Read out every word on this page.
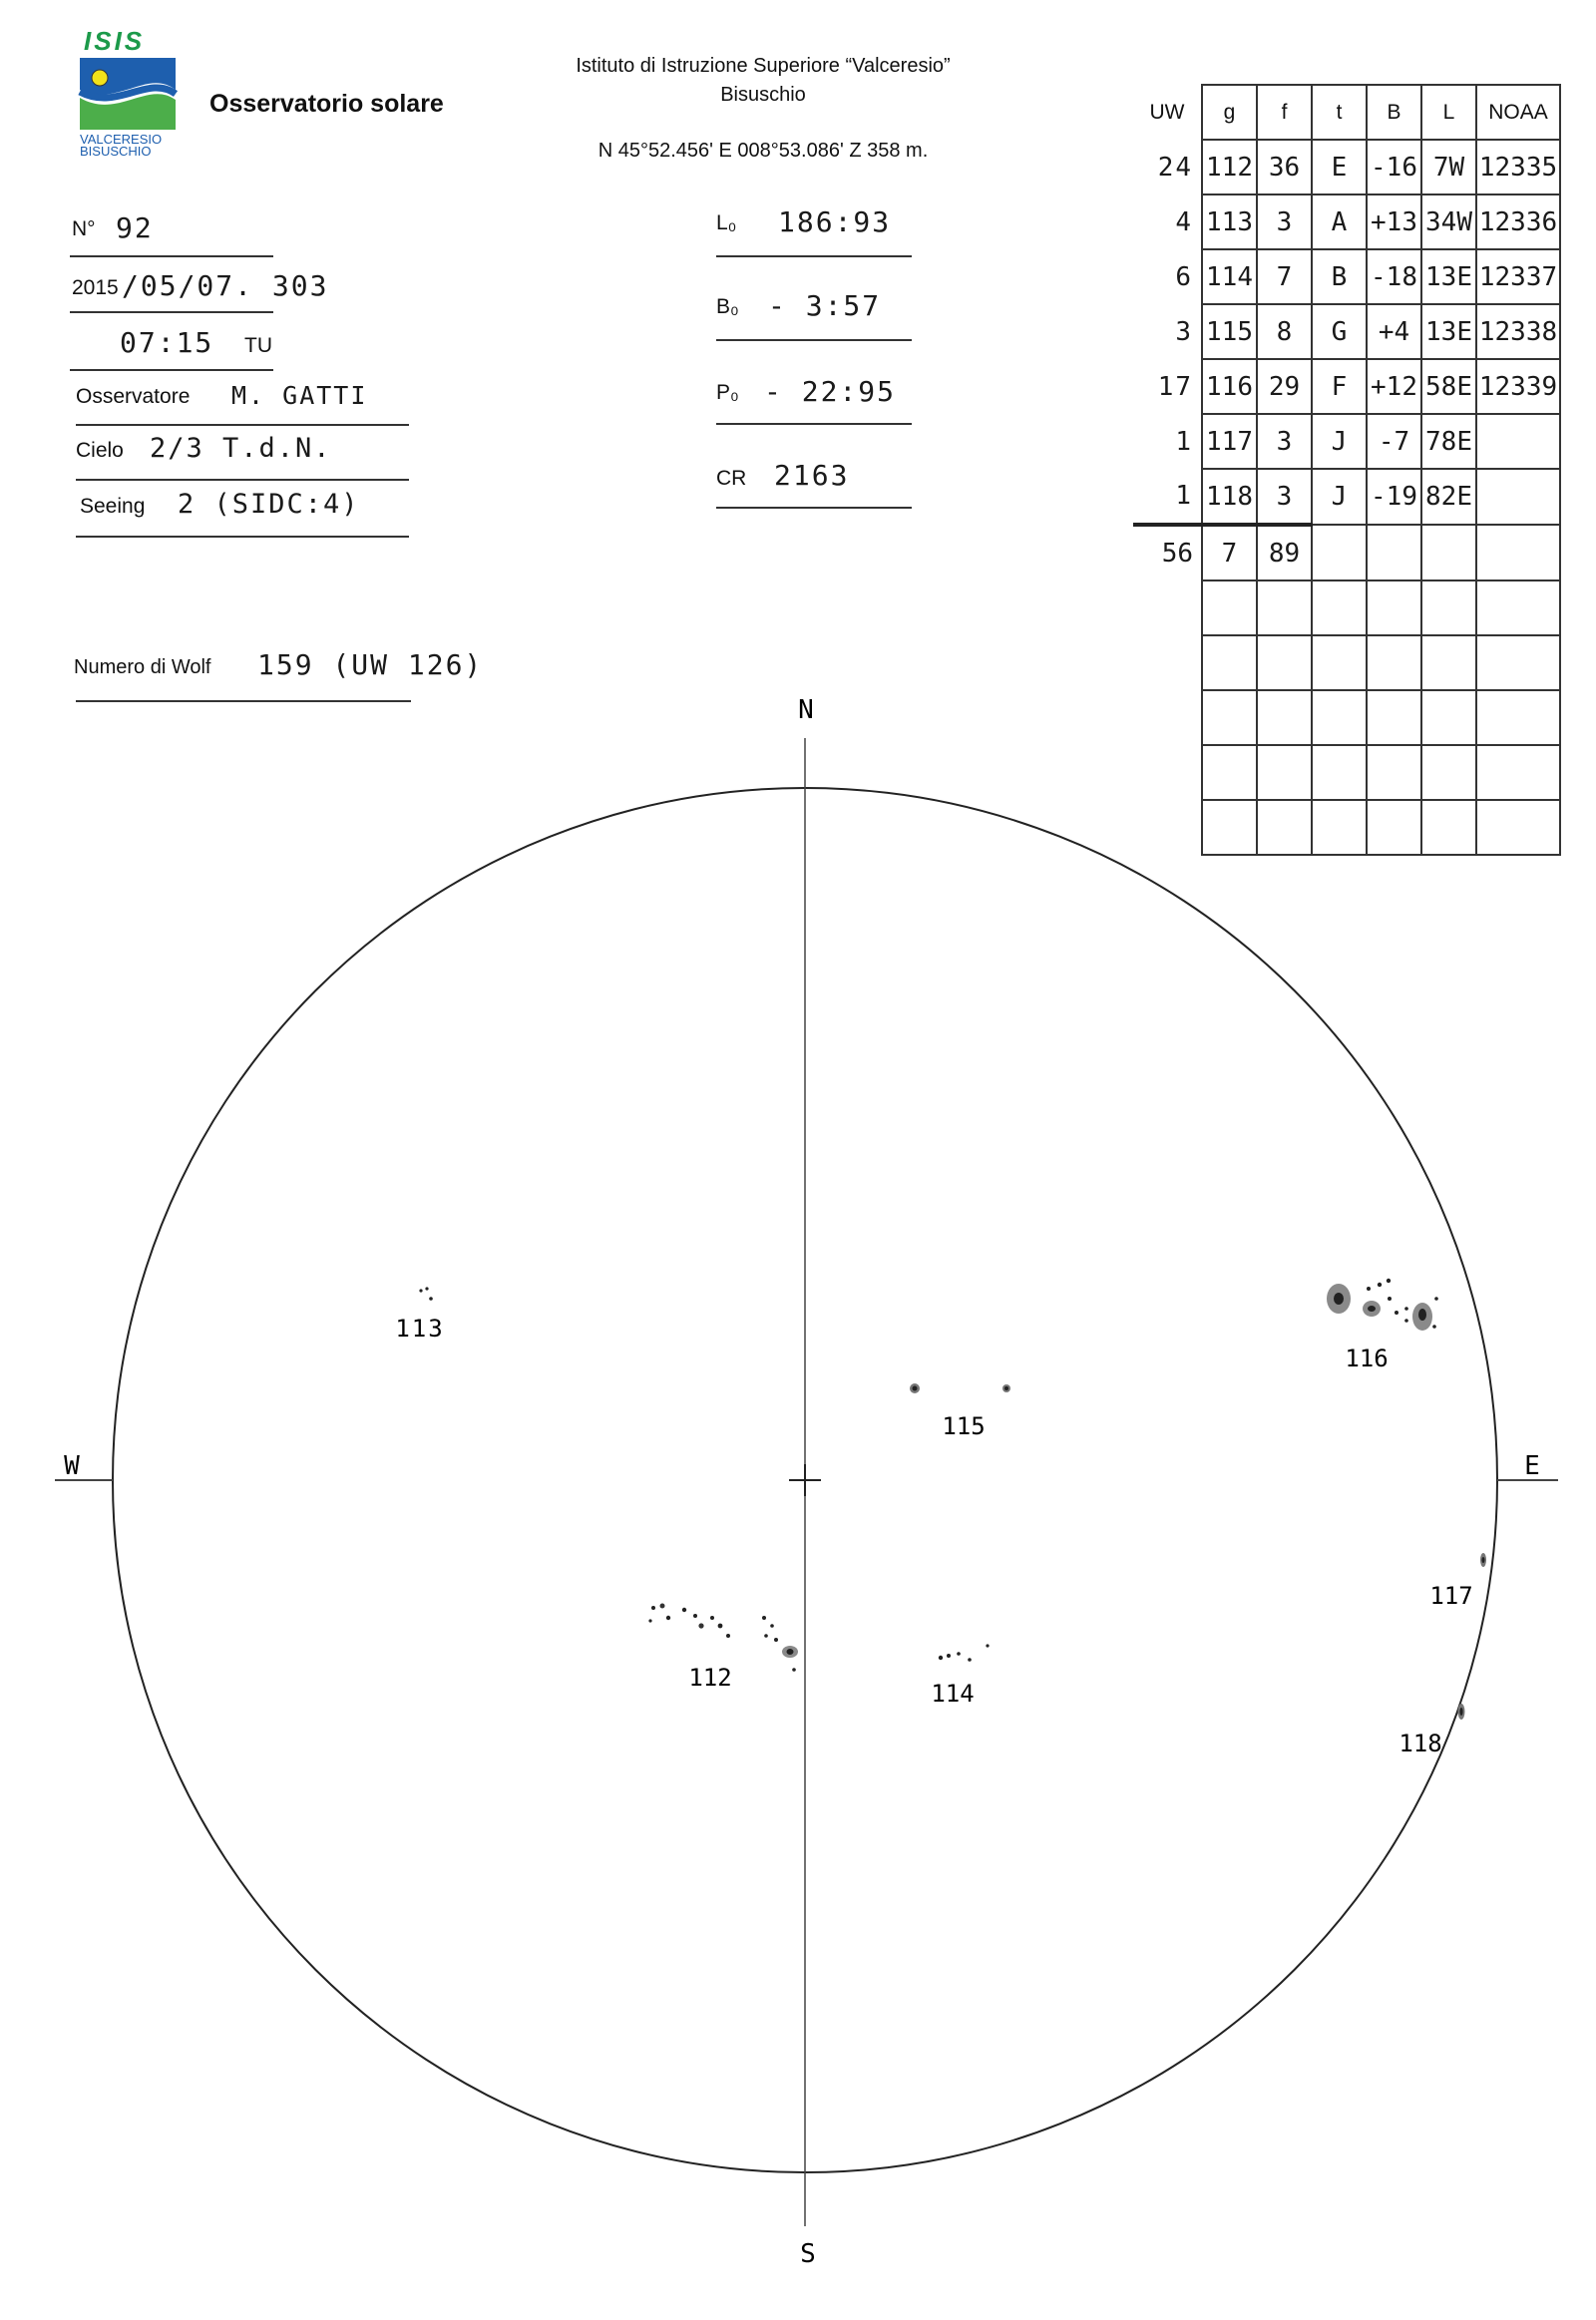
ISIS
VALCERESIO
BISUSCHIO
Osservatorio solare
Istituto di Istruzione Superiore “Valceresio”
Bisuschio
N 45°52.456' E 008°53.086' Z 358 m.
N° 92
2015 /05/07. 303
07:15 TU
Osservatore M. GATTI
Cielo 2/3 T.d.N.
Seeing 2 (SIDC:4)
Numero di Wolf 159 (UW 126)
L₀ 186:93
B₀ - 3:57
P₀ - 22:95
CR 2163
UW	g	f	t	B	L	NOAA
24	112	36	E	-16	7W	12335
4	113	3	A	+13	34W	12336
6	114	7	B	-18	13E	12337
3	115	8	G	+4	13E	12338
17	116	29	F	+12	58E	12339
1	117	3	J	-7	78E	
1	118	3	J	-19	82E	
56	7	89				

N
S
W	E
113
116
115
112
114
117
118
